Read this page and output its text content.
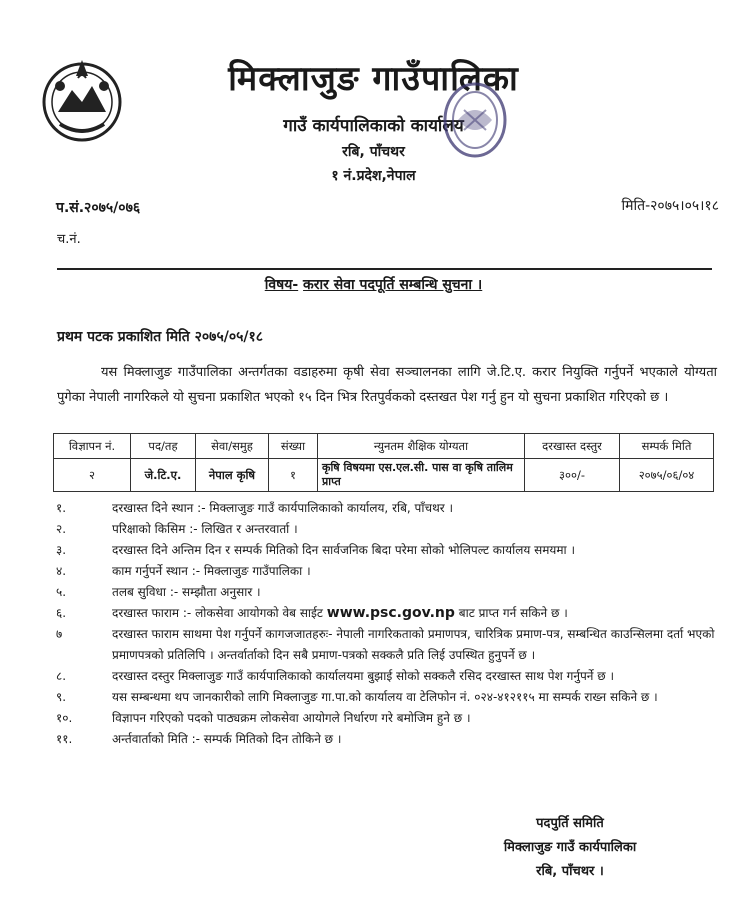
मिक्लाजुङ गाउँपालिका
गाउँ कार्यपालिकाको कार्यालय
रबि, पाँचथर
१ नं.प्रदेश,नेपाल
प.सं.२०७५/०७६	मिति-२०७५।०५।१८
च.नं.
विषय- करार सेवा पदपूर्ति सम्बन्धि सुचना ।
प्रथम पटक प्रकाशित मिति २०७५/०५/१८
यस मिक्लाजुङ गाउँपालिका अन्तर्गतका वडाहरुमा कृषी सेवा सञ्चालनका लागि जे.टि.ए. करार नियुक्ति गर्नुपर्ने भएकाले योग्यता पुगेका नेपाली नागरिकले यो सुचना प्रकाशित भएको १५ दिन भित्र रितपुर्वकको दस्तखत पेश गर्नु हुन यो सुचना प्रकाशित गरिएको छ ।
विज्ञापन नं.	पद/तह	सेवा/समुह	संख्या	न्युनतम शैक्षिक योग्यता	दरखास्त दस्तुर	सम्पर्क मिति
२	जे.टि.ए.	नेपाल कृषि	१	कृषि विषयमा एस.एल.सी. पास वा कृषि तालिम प्राप्त	३००/-	२०७५/०६/०४
१.	दरखास्त दिने स्थान :- मिक्लाजुङ गाउँ कार्यपालिकाको कार्यालय, रबि, पाँचथर ।
२.	परिक्षाको किसिम :- लिखित र अन्तरवार्ता ।
३.	दरखास्त दिने अन्तिम दिन र सम्पर्क मितिको दिन सार्वजनिक बिदा परेमा सोको भोलिपल्ट कार्यालय समयमा ।
४.	काम गर्नुपर्ने स्थान :- मिक्लाजुङ गाउँपालिका ।
५.	तलब सुविधा :- सम्झौता अनुसार ।
६.	दरखास्त फाराम :- लोकसेवा आयोगको वेब साईट www.psc.gov.np बाट प्राप्त गर्न सकिने छ ।
७	दरखास्त फाराम साथमा पेश गर्नुपर्ने कागजजातहरुः- नेपाली नागरिकताको प्रमाणपत्र, चारित्रिक प्रमाण-पत्र, सम्बन्धित काउन्सिलमा दर्ता भएको प्रमाणपत्रको प्रतिलिपि । अन्तर्वार्ताको दिन सबै प्रमाण-पत्रको सक्कलै प्रति लिई उपस्थित हुनुपर्ने छ ।
८.	दरखास्त दस्तुर मिक्लाजुङ गाउँ कार्यपालिकाको कार्यालयमा बुझाई सोको सक्कलै रसिद दरखास्त साथ पेश गर्नुपर्ने छ ।
९.	यस सम्बन्धमा थप जानकारीको लागि मिक्लाजुङ गा.पा.को कार्यालय वा टेलिफोन नं. ०२४-४१२११५ मा सम्पर्क राख्न सकिने छ ।
१०.	विज्ञापन गरिएको पदको पाठ्यक्रम लोकसेवा आयोगले निर्धारण गरे बमोजिम हुने छ ।
११.	अर्न्तवार्ताको मिति :- सम्पर्क मितिको दिन तोकिने छ ।
पदपुर्ति समिति
मिक्लाजुङ गाउँ कार्यपालिका
रबि, पाँचथर ।
